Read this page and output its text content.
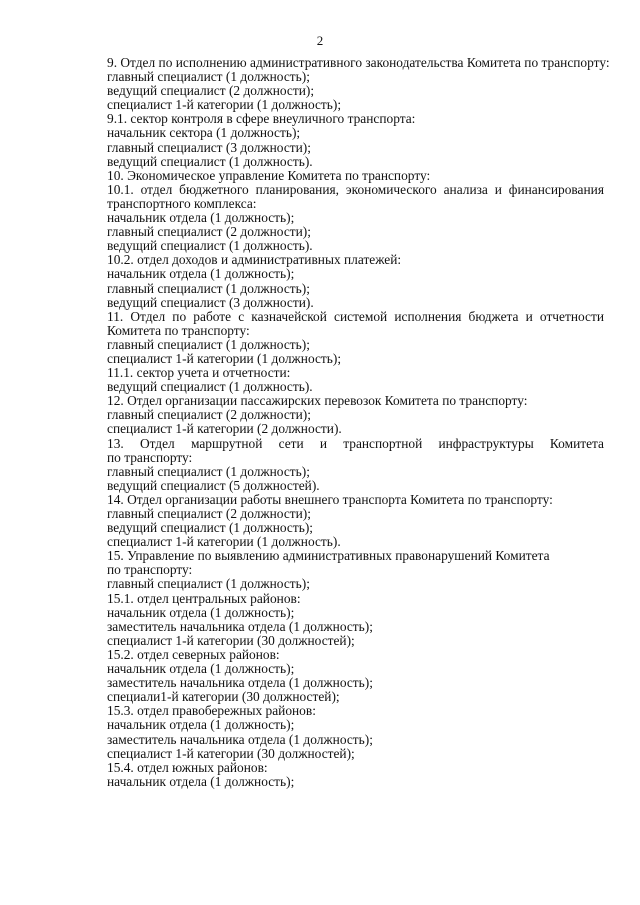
2
9. Отдел по исполнению административного законодательства Комитета по транспорту:
главный специалист (1 должность);
ведущий специалист (2 должности);
специалист 1-й категории (1 должность);
9.1. сектор контроля в сфере внеуличного транспорта:
начальник сектора (1 должность);
главный специалист (3 должности);
ведущий специалист (1 должность).
10. Экономическое управление Комитета по транспорту:
10.1. отдел бюджетного планирования, экономического анализа и финансирования
транспортного комплекса:
начальник отдела (1 должность);
главный специалист (2 должности);
ведущий специалист (1 должность).
10.2. отдел доходов и административных платежей:
начальник отдела (1 должность);
главный специалист (1 должность);
ведущий специалист (3 должности).
11. Отдел по работе с казначейской системой исполнения бюджета и отчетности
Комитета по транспорту:
главный специалист (1 должность);
специалист 1-й категории (1 должность);
11.1. сектор учета и отчетности:
ведущий специалист (1 должность).
12. Отдел организации пассажирских перевозок Комитета по транспорту:
главный специалист (2 должности);
специалист 1-й категории (2 должности).
13. Отдел маршрутной сети и транспортной инфраструктуры Комитета
по транспорту:
главный специалист (1 должность);
ведущий специалист (5 должностей).
14. Отдел организации работы внешнего транспорта Комитета по транспорту:
главный специалист (2 должности);
ведущий специалист (1 должность);
специалист 1-й категории (1 должность).
15. Управление по выявлению административных правонарушений Комитета
по транспорту:
главный специалист (1 должность);
15.1. отдел центральных районов:
начальник отдела (1 должность);
заместитель начальника отдела (1 должность);
специалист 1-й категории (30 должностей);
15.2. отдел северных районов:
начальник отдела (1 должность);
заместитель начальника отдела (1 должность);
специали1-й категории (30 должностей);
15.3. отдел правобережных районов:
начальник отдела (1 должность);
заместитель начальника отдела (1 должность);
специалист 1-й категории (30 должностей);
15.4. отдел южных районов:
начальник отдела (1 должность);
